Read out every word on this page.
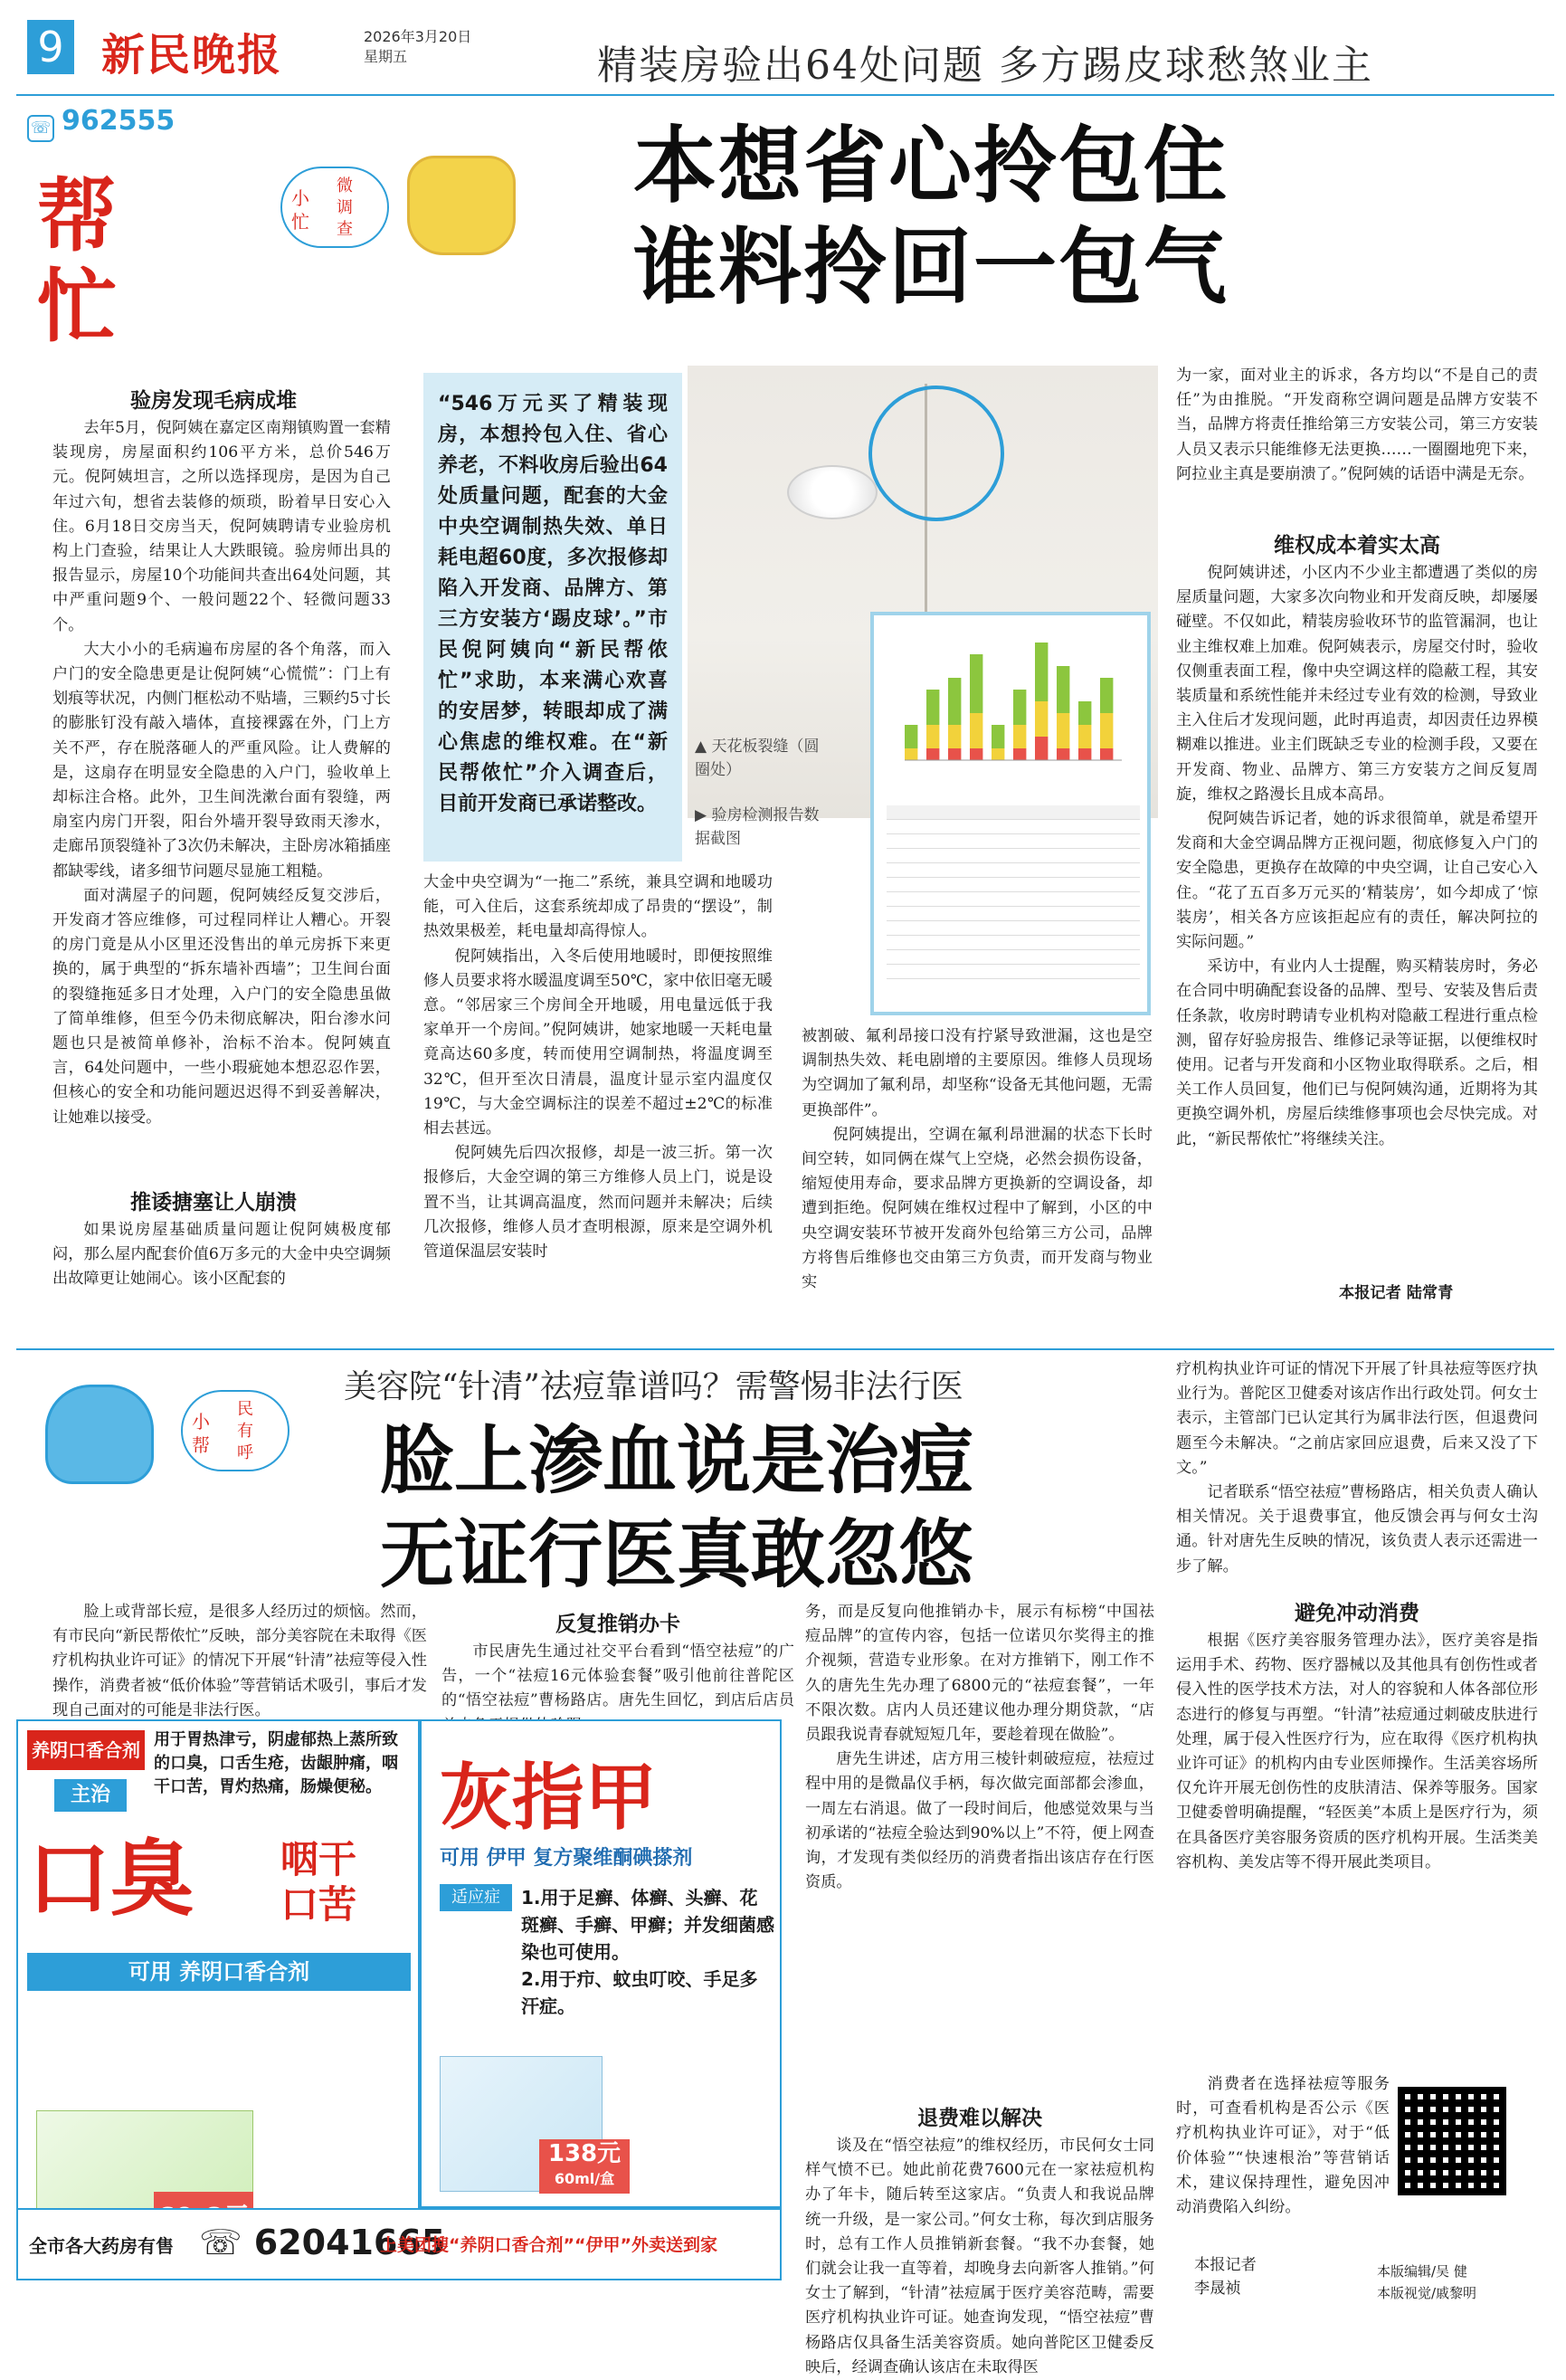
9 新民晚报	2026年3月20日
星期五
☏ 962555
帮忙
小忙
微调查
精装房验出64处问题 多方踢皮球愁煞业主
本想省心拎包住
谁料拎回一包气
验房发现毛病成堆

去年5月，倪阿姨在嘉定区南翔镇购置一套精装现房，房屋面积约106平方米，总价546万元。倪阿姨坦言，之所以选择现房，是因为自己年过六旬，想省去装修的烦琐，盼着早日安心入住。6月18日交房当天，倪阿姨聘请专业验房机构上门查验，结果让人大跌眼镜。验房师出具的报告显示，房屋10个功能间共查出64处问题，其中严重问题9个、一般问题22个、轻微问题33个。

大大小小的毛病遍布房屋的各个角落，而入户门的安全隐患更是让倪阿姨“心慌慌”：门上有划痕等状况，内侧门框松动不贴墙，三颗约5寸长的膨胀钉没有敲入墙体，直接裸露在外，门上方关不严，存在脱落砸人的严重风险。让人费解的是，这扇存在明显安全隐患的入户门，验收单上却标注合格。此外，卫生间洗漱台面有裂缝，两扇室内房门开裂，阳台外墙开裂导致雨天渗水，走廊吊顶裂缝补了3次仍未解决，主卧房冰箱插座都缺零线，诸多细节问题尽显施工粗糙。

面对满屋子的问题，倪阿姨经反复交涉后，开发商才答应维修，可过程同样让人糟心。开裂的房门竟是从小区里还没售出的单元房拆下来更换的，属于典型的“拆东墙补西墙”；卫生间台面的裂缝拖延多日才处理，入户门的安全隐患虽做了简单维修，但至今仍未彻底解决，阳台渗水问题也只是被简单修补，治标不治本。倪阿姨直言，64处问题中，一些小瑕疵她本想忍忍作罢，但核心的安全和功能问题迟迟得不到妥善解决，让她难以接受。

推诿搪塞让人崩溃

如果说房屋基础质量问题让倪阿姨极度郁闷，那么屋内配套价值6万多元的大金中央空调频出故障更让她闹心。该小区配套的

“546万元买了精装现房，本想拎包入住、省心养老，不料收房后验出64处质量问题，配套的大金中央空调制热失效、单日耗电超60度，多次报修却陷入开发商、品牌方、第三方安装方‘踢皮球’。”市民倪阿姨向“新民帮侬忙”求助，本来满心欢喜的安居梦，转眼却成了满心焦虑的维权难。在“新民帮侬忙”介入调查后，目前开发商已承诺整改。
▲ 天花板裂缝（圆圈处）
▶ 验房检测报告数据截图

大金中央空调为“一拖二”系统，兼具空调和地暖功能，可入住后，这套系统却成了昂贵的“摆设”，制热效果极差，耗电量却高得惊人。

倪阿姨指出，入冬后使用地暖时，即便按照维修人员要求将水暖温度调至50℃，家中依旧毫无暖意。“邻居家三个房间全开地暖，用电量远低于我家单开一个房间。”倪阿姨讲，她家地暖一天耗电量竟高达60多度，转而使用空调制热，将温度调至32℃，但开至次日清晨，温度计显示室内温度仅19℃，与大金空调标注的误差不超过±2℃的标准相去甚远。

倪阿姨先后四次报修，却是一波三折。第一次报修后，大金空调的第三方维修人员上门，说是设置不当，让其调高温度，然而问题并未解决；后续几次报修，维修人员才查明根源，原来是空调外机管道保温层安装时

被割破、氟利昂接口没有拧紧导致泄漏，这也是空调制热失效、耗电剧增的主要原因。维修人员现场为空调加了氟利昂，却坚称“设备无其他问题，无需更换部件”。

倪阿姨提出，空调在氟利昂泄漏的状态下长时间空转，如同俩在煤气上空烧，必然会损伤设备，缩短使用寿命，要求品牌方更换新的空调设备，却遭到拒绝。倪阿姨在维权过程中了解到，小区的中央空调安装环节被开发商外包给第三方公司，品牌方将售后维修也交由第三方负责，而开发商与物业实

为一家，面对业主的诉求，各方均以“不是自己的责任”为由推脱。“开发商称空调问题是品牌方安装不当，品牌方将责任推给第三方安装公司，第三方安装人员又表示只能维修无法更换……一圈圈地兜下来，阿拉业主真是要崩溃了。”倪阿姨的话语中满是无奈。

维权成本着实太高

倪阿姨讲述，小区内不少业主都遭遇了类似的房屋质量问题，大家多次向物业和开发商反映，却屡屡碰壁。不仅如此，精装房验收环节的监管漏洞，也让业主维权难上加难。倪阿姨表示，房屋交付时，验收仅侧重表面工程，像中央空调这样的隐蔽工程，其安装质量和系统性能并未经过专业有效的检测，导致业主入住后才发现问题，此时再追责，却因责任边界模糊难以推进。业主们既缺乏专业的检测手段，又要在开发商、物业、品牌方、第三方安装方之间反复周旋，维权之路漫长且成本高昂。

倪阿姨告诉记者，她的诉求很简单，就是希望开发商和大金空调品牌方正视问题，彻底修复入户门的安全隐患，更换存在故障的中央空调，让自己安心入住。“花了五百多万元买的‘精装房’，如今却成了‘惊装房’，相关各方应该拒起应有的责任，解决阿拉的实际问题。”

采访中，有业内人士提醒，购买精装房时，务必在合同中明确配套设备的品牌、型号、安装及售后责任条款，收房时聘请专业机构对隐蔽工程进行重点检测，留存好验房报告、维修记录等证据，以便维权时使用。记者与开发商和小区物业取得联系。之后，相关工作人员回复，他们已与倪阿姨沟通，近期将为其更换空调外机，房屋后续维修事项也会尽快完成。对此，“新民帮侬忙”将继续关注。

本报记者 陆常青
小帮
民有呼
美容院“针清”祛痘靠谱吗？需警惕非法行医
脸上渗血说是治痘
无证行医真敢忽悠

脸上或背部长痘，是很多人经历过的烦恼。然而，有市民向“新民帮侬忙”反映，部分美容院在未取得《医疗机构执业许可证》的情况下开展“针清”祛痘等侵入性操作，消费者被“低价体验”等营销话术吸引，事后才发现自己面对的可能是非法行医。

反复推销办卡

市民唐先生通过社交平台看到“悟空祛痘”的广告，一个“祛痘16元体验套餐”吸引他前往普陀区的“悟空祛痘”曹杨路店。唐先生回忆，到店后店员

务，而是反复向他推销办卡，展示有标榜“中国祛痘品牌”的宣传内容，包括一位诺贝尔奖得主的推介视频，营造专业形象。在对方推销下，刚工作不久的唐先生先办理了6800元的“祛痘套餐”，一年不限次数。店内人员还建议他办理分期贷款，“店员跟我说青春就短短几年，要趁着现在做脸”。

唐先生讲述，店方用三棱针刺破痘痘，祛痘过程中用的是微晶仪手柄，每次做完面部都会渗血，一周左右消退。做了一段时间后，他感觉效果与当初承诺的“祛痘全验达到90%以上”不符，便上网查询，才发现有类似经历的消费者指出该店存在行医资质。

退费难以解决

谈及在“悟空祛痘”的维权经历，市民何女士同样气愤不已。她此前花费7600元在一家祛痘机构办了年卡，随后转至这家店。“负责人和我说品牌统一升级，是一家公司。”何女士称，每次到店服务时，总有工作人员推销新套餐。“我不办套餐，她们就会让我一直等着，却晚身去向新客人推销。”何女士了解到，“针清”祛痘属于医疗美容范畴，需要医疗机构执业许可证。她查询发现，“悟空祛痘”曹杨路店仅具备生活美容资质。她向普陀区卫健委反映后，经调查确认该店在未取得医

疗机构执业许可证的情况下开展了针具祛痘等医疗执业行为。普陀区卫健委对该店作出行政处罚。何女士表示，主管部门已认定其行为属非法行医，但退费问题至今未解决。“之前店家回应退费，后来又没了下文。”

记者联系“悟空祛痘”曹杨路店，相关负责人确认相关情况。关于退费事宜，他反馈会再与何女士沟通。针对唐先生反映的情况，该负责人表示还需进一步了解。

避免冲动消费

根据《医疗美容服务管理办法》，医疗美容是指运用手术、药物、医疗器械以及其他具有创伤性或者侵入性的医学技术方法，对人的容貌和人体各部位形态进行的修复与再塑。“针清”祛痘通过刺破皮肤进行处理，属于侵入性医疗行为，应在取得《医疗机构执业许可证》的机构内由专业医师操作。生活美容场所仅允许开展无创伤性的皮肤清洁、保养等服务。国家卫健委曾明确提醒，“轻医美”本质上是医疗行为，须在具备医疗美容服务资质的医疗机构开展。生活类美容机构、美发店等不得开展此类项目。

消费者在选择祛痘等服务时，可查看机构是否公示《医疗机构执业许可证》，对于“低价体验”“快速根治”等营销话术，建议保持理性，避免因冲动消费陷入纠纷。

本报记者
李晟祯
本版编辑/吴 健
本版视觉/戚黎明
养阴口香合剂
主治
用于胃热津亏，阴虚郁热上蒸所致的口臭，口舌生疮，齿龈肿痛，咽干口苦，胃灼热痛，肠燥便秘。
口臭 咽干
口苦
可用 养阴口香合剂
灰指甲
可用 伊甲 复方聚维酮碘搽剂
适应症	1.用于足癣、体癣、头癣、花斑癣、手癣、甲癣；并发细菌感染也可使用。
2.用于疖、蚊虫叮咬、手足多汗症。
138元
60ml/盒
全市各大药房有售 ☏ 62041665
上美团搜“养阴口香合剂”“伊甲”外卖送到家
